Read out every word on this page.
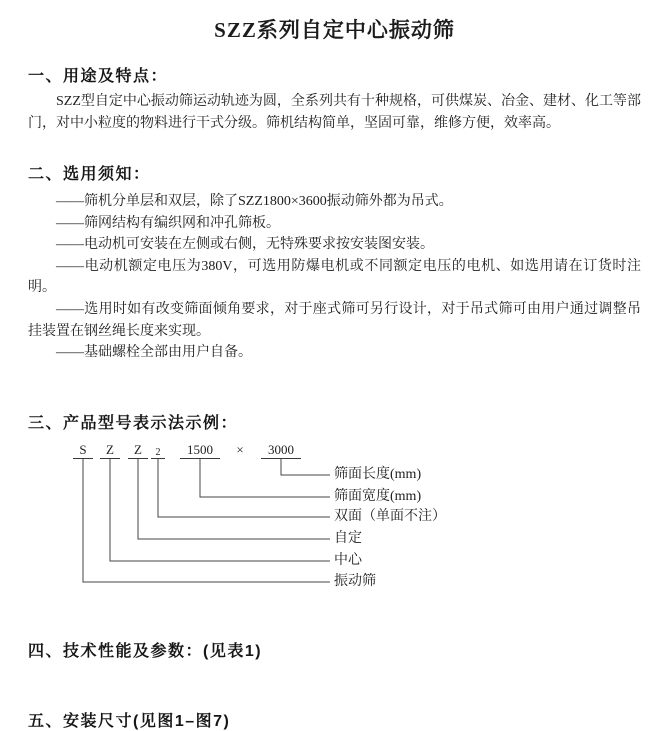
SZZ系列自定中心振动筛
一、用途及特点：

SZZ型自定中心振动筛运动轨迹为圆，全系列共有十种规格，可供煤炭、冶金、建材、化工等部门，对中小粒度的物料进行干式分级。筛机结构简单，坚固可靠，维修方便，效率高。

二、选用须知：

——筛机分单层和双层，除了SZZ1800×3600振动筛外都为吊式。

——筛网结构有编织网和冲孔筛板。

——电动机可安装在左侧或右侧，无特殊要求按安装图安装。

——电动机额定电压为380V，可选用防爆电机或不同额定电压的电机、如选用请在订货时注明。

——选用时如有改变筛面倾角要求，对于座式筛可另行设计，对于吊式筛可由用户通过调整吊挂装置在钢丝绳长度来实现。

——基础螺栓全部由用户自备。

三、产品型号表示法示例：
S	Z	Z	2	1500	×	3000
筛面长度(mm)
筛面宽度(mm)
双面（单面不注）
自定
中心
振动筛
四、技术性能及参数：(见表1)
五、安装尺寸(见图1–图7)
